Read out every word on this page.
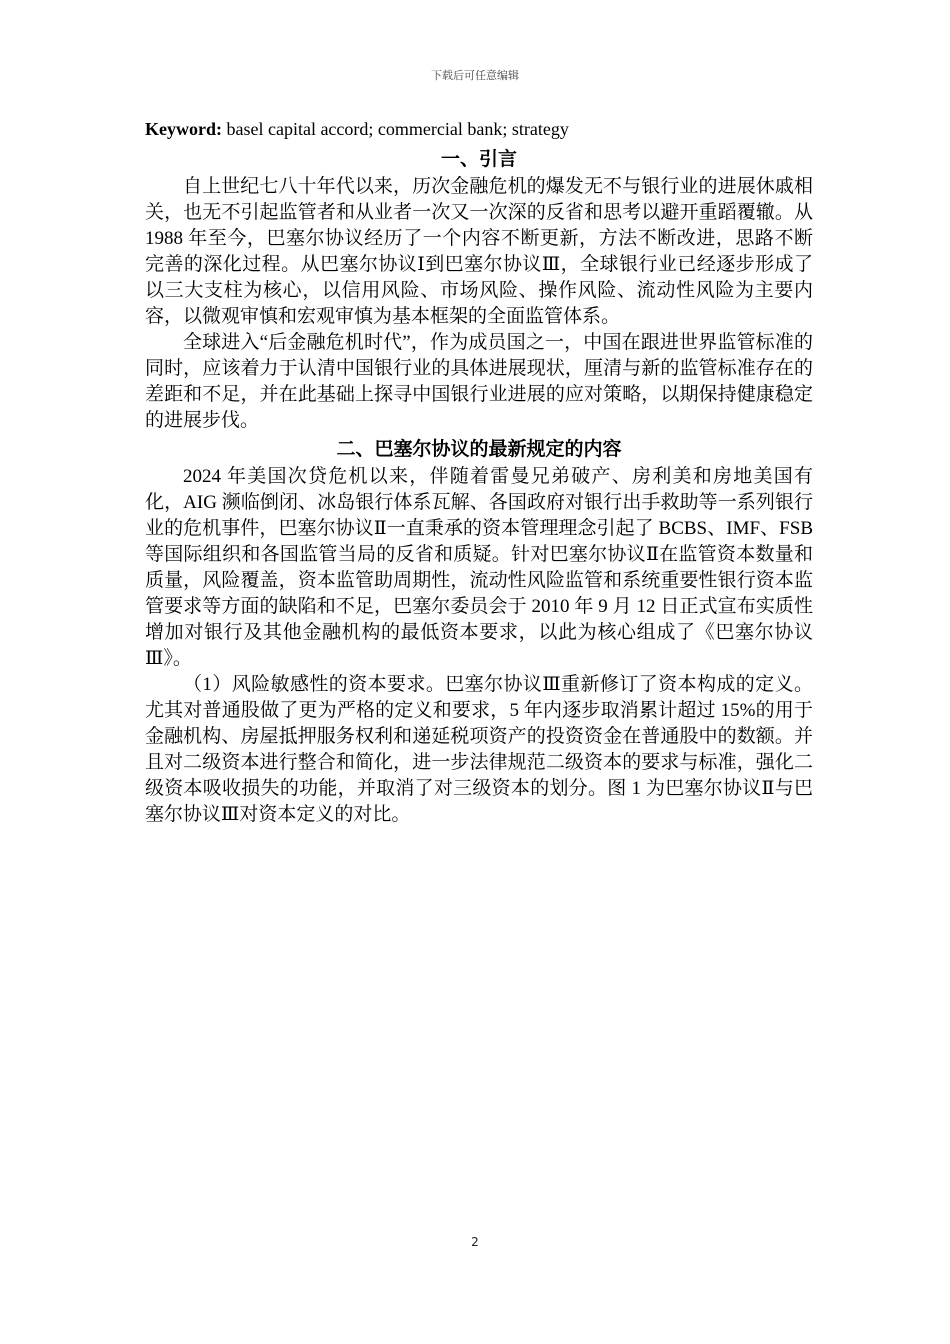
下载后可任意编辑
Keyword: basel capital accord; commercial bank; strategy
一、引言

自上世纪七八十年代以来，历次金融危机的爆发无不与银行业的进展休戚相关，也无不引起监管者和从业者一次又一次深的反省和思考以避开重蹈覆辙。从 1988 年至今，巴塞尔协议经历了一个内容不断更新，方法不断改进，思路不断完善的深化过程。从巴塞尔协议Ⅰ到巴塞尔协议Ⅲ，全球银行业已经逐步形成了以三大支柱为核心，以信用风险、市场风险、操作风险、流动性风险为主要内容，以微观审慎和宏观审慎为基本框架的全面监管体系。

全球进入“后金融危机时代”，作为成员国之一，中国在跟进世界监管标准的同时，应该着力于认清中国银行业的具体进展现状，厘清与新的监管标准存在的差距和不足，并在此基础上探寻中国银行业进展的应对策略，以期保持健康稳定的进展步伐。

二、巴塞尔协议的最新规定的内容

2024 年美国次贷危机以来，伴随着雷曼兄弟破产、房利美和房地美国有化，AIG 濒临倒闭、冰岛银行体系瓦解、各国政府对银行出手救助等一系列银行业的危机事件，巴塞尔协议Ⅱ一直秉承的资本管理理念引起了 BCBS、IMF、FSB 等国际组织和各国监管当局的反省和质疑。针对巴塞尔协议Ⅱ在监管资本数量和质量，风险覆盖，资本监管助周期性，流动性风险监管和系统重要性银行资本监管要求等方面的缺陷和不足，巴塞尔委员会于 2010 年 9 月 12 日正式宣布实质性增加对银行及其他金融机构的最低资本要求，以此为核心组成了《巴塞尔协议Ⅲ》。

（1）风险敏感性的资本要求。巴塞尔协议Ⅲ重新修订了资本构成的定义。尤其对普通股做了更为严格的定义和要求，5 年内逐步取消累计超过 15%的用于金融机构、房屋抵押服务权利和递延税项资产的投资资金在普通股中的数额。并且对二级资本进行整合和简化，进一步法律规范二级资本的要求与标准，强化二级资本吸收损失的功能，并取消了对三级资本的划分。图 1 为巴塞尔协议Ⅱ与巴塞尔协议Ⅲ对资本定义的对比。

2
